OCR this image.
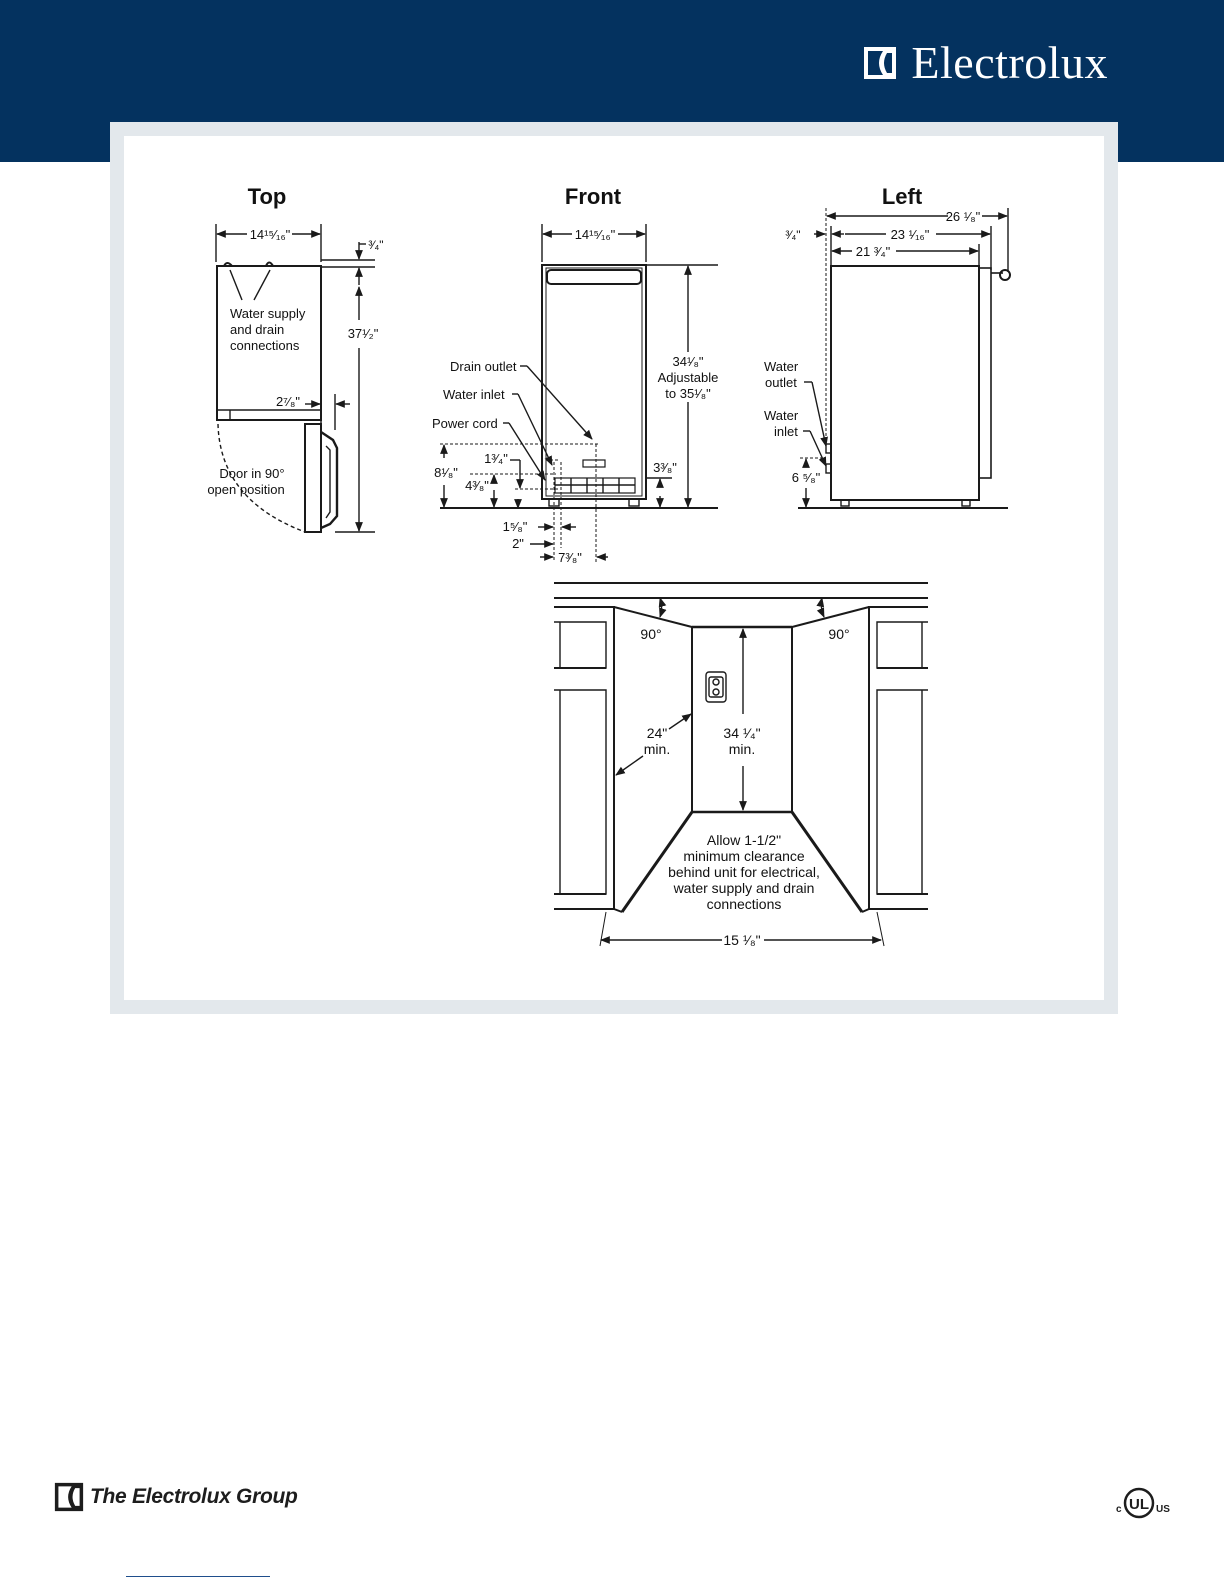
Electrolux
Top
14¹⁵⁄₁₆"
³⁄₄"
Water supply
and drain
connections
Door in 90°
open position
37¹⁄₂"
2⁷⁄₈"
Front
14¹⁵⁄₁₆"
34¹⁄₈"
Adjustable
to 35¹⁄₈"
Drain outlet
Water inlet
Power cord
8¹⁄₈"
1³⁄₄"
4³⁄₈"
3³⁄₈"
1⁵⁄₈"
2"
7³⁄₈"
Left
26 ¹⁄₈"
³⁄₄"	23 ¹⁄₁₆"
21 ³⁄₄"
Water
outlet
Water
inlet
6 ⁵⁄₈"
90°	90°
24"
min.
34 ¹⁄₄"
min.
Allow 1-1/2"
minimum clearance
behind unit for electrical,
water supply and drain
connections
15 ¹⁄₈"
The Electrolux Group
c UL US
